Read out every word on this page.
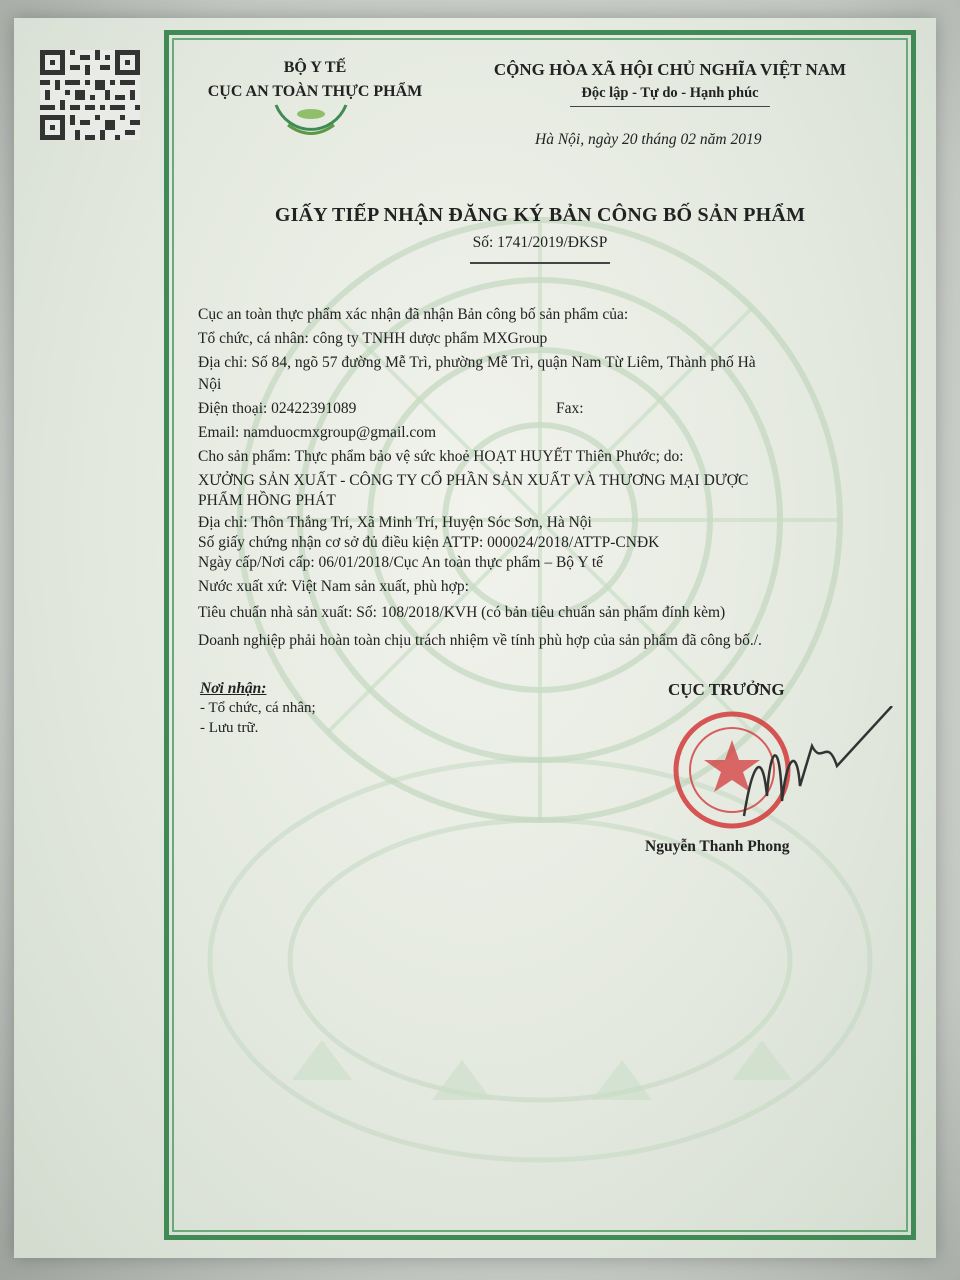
BỘ Y TẾ
CỤC AN TOÀN THỰC PHẨM
CỘNG HÒA XÃ HỘI CHỦ NGHĨA VIỆT NAM
Độc lập - Tự do - Hạnh phúc
Hà Nội, ngày 20 tháng 02 năm 2019
GIẤY TIẾP NHẬN ĐĂNG KÝ BẢN CÔNG BỐ SẢN PHẨM
Số: 1741/2019/ĐKSP
Cục an toàn thực phẩm xác nhận đã nhận Bản công bố sản phẩm của:
Tổ chức, cá nhân: công ty TNHH dược phẩm MXGroup
Địa chỉ: Số 84, ngõ 57 đường Mễ Trì, phường Mễ Trì, quận Nam Từ Liêm, Thành phố Hà
Nội
Điện thoại: 02422391089	Fax:
Email: namduocmxgroup@gmail.com
Cho sản phẩm: Thực phẩm bảo vệ sức khoẻ HOẠT HUYẾT Thiên Phước; do:
XƯỞNG SẢN XUẤT - CÔNG TY CỔ PHẦN SẢN XUẤT VÀ THƯƠNG MẠI DƯỢC
PHẨM HỒNG PHÁT
Địa chỉ: Thôn Thắng Trí, Xã Minh Trí, Huyện Sóc Sơn, Hà Nội
Số giấy chứng nhận cơ sở đủ điều kiện ATTP: 000024/2018/ATTP-CNĐK
Ngày cấp/Nơi cấp: 06/01/2018/Cục An toàn thực phẩm – Bộ Y tế
Nước xuất xứ: Việt Nam sản xuất, phù hợp:
Tiêu chuẩn nhà sản xuất: Số: 108/2018/KVH (có bản tiêu chuẩn sản phẩm đính kèm)
Doanh nghiệp phải hoàn toàn chịu trách nhiệm về tính phù hợp của sản phẩm đã công bố./.
Nơi nhận:
- Tổ chức, cá nhân;
- Lưu trữ.
CỤC TRƯỞNG
Nguyễn Thanh Phong
